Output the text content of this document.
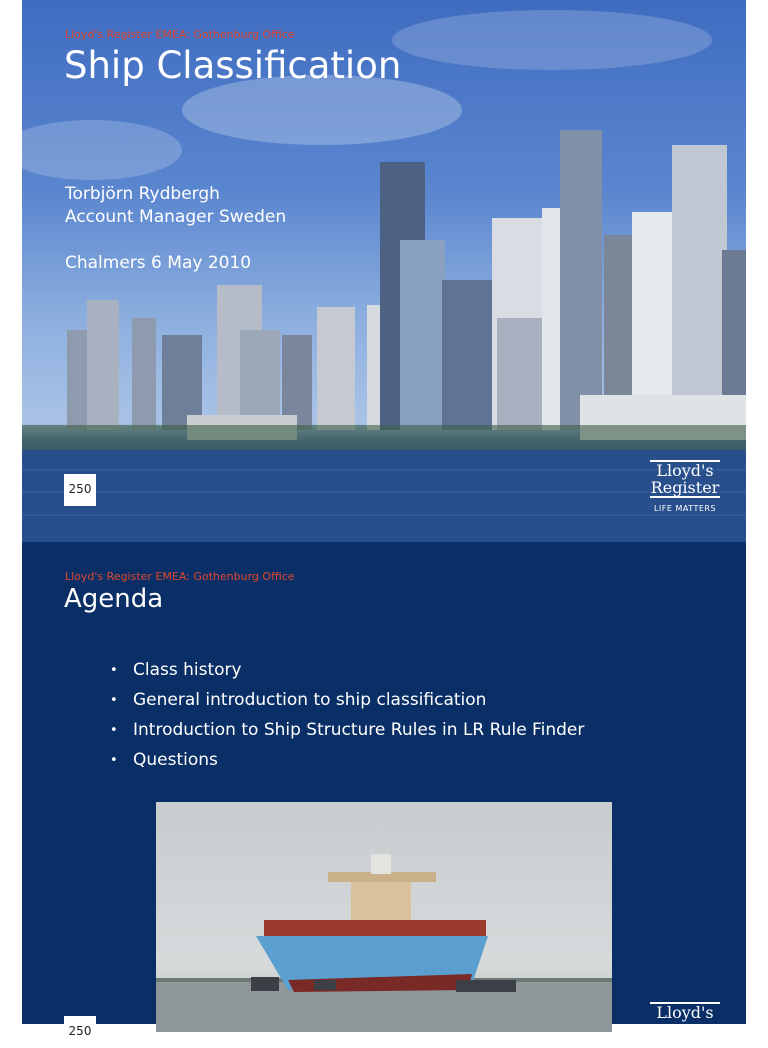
Lloyd's Register EMEA: Gothenburg Office
Ship Classification
Torbjörn Rydbergh
Account Manager Sweden
Chalmers 6 May 2010
250
Lloyd's
Register
LIFE MATTERS
Lloyd's Register EMEA: Gothenburg Office
Agenda
• Class history
• General introduction to ship classification
• Introduction to Ship Structure Rules in LR Rule Finder
• Questions
250
Lloyd's
